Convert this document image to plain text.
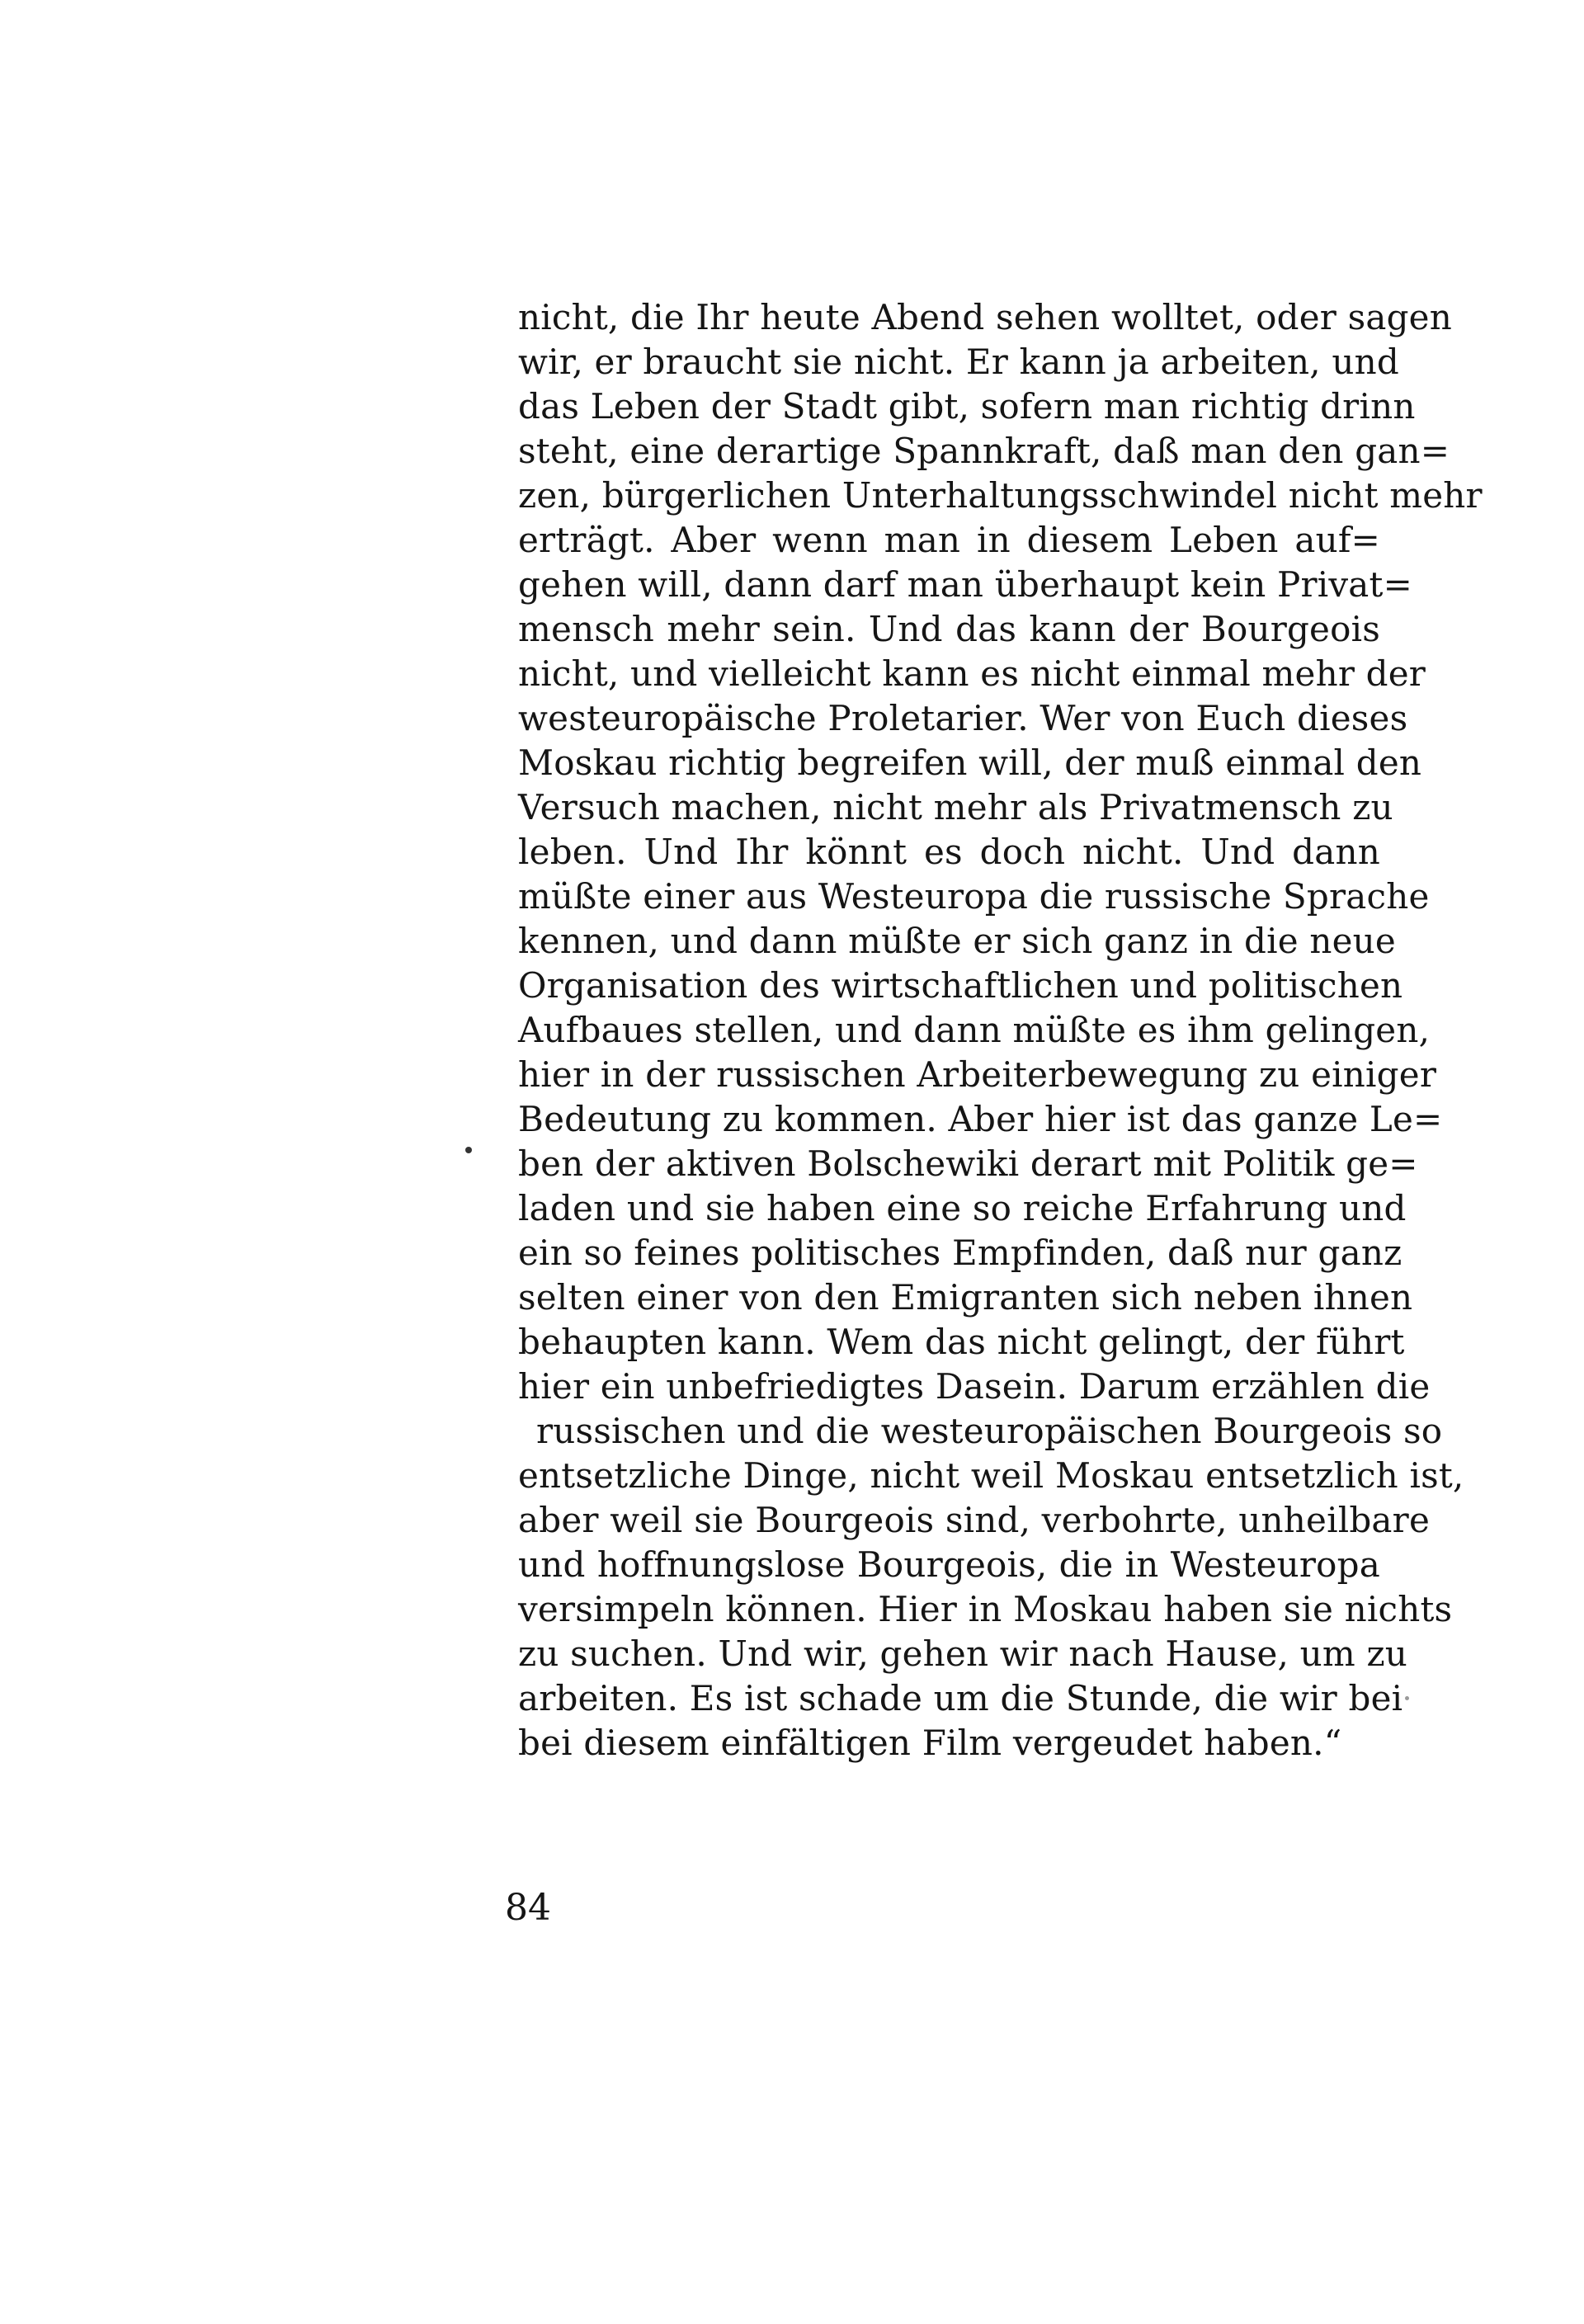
nicht, die Ihr heute Abend sehen wolltet, oder sagen
wir, er braucht sie nicht. Er kann ja arbeiten, und
das Leben der Stadt gibt, sofern man richtig drinn
steht, eine derartige Spannkraft, daß man den gan=
zen, bürgerlichen Unterhaltungsschwindel nicht mehr
erträgt. Aber wenn man in diesem Leben auf=
gehen will, dann darf man überhaupt kein Privat=
mensch mehr sein. Und das kann der Bourgeois
nicht, und vielleicht kann es nicht einmal mehr der
westeuropäische Proletarier. Wer von Euch dieses
Moskau richtig begreifen will, der muß einmal den
Versuch machen, nicht mehr als Privatmensch zu
leben. Und Ihr könnt es doch nicht. Und dann
müßte einer aus Westeuropa die russische Sprache
kennen, und dann müßte er sich ganz in die neue
Organisation des wirtschaftlichen und politischen
Aufbaues stellen, und dann müßte es ihm gelingen,
hier in der russischen Arbeiterbewegung zu einiger
Bedeutung zu kommen. Aber hier ist das ganze Le=
ben der aktiven Bolschewiki derart mit Politik ge=
laden und sie haben eine so reiche Erfahrung und
ein so feines politisches Empfinden, daß nur ganz
selten einer von den Emigranten sich neben ihnen
behaupten kann. Wem das nicht gelingt, der führt
hier ein unbefriedigtes Dasein. Darum erzählen die
russischen und die westeuropäischen Bourgeois so
entsetzliche Dinge, nicht weil Moskau entsetzlich ist,
aber weil sie Bourgeois sind, verbohrte, unheilbare
und hoffnungslose Bourgeois, die in Westeuropa
versimpeln können. Hier in Moskau haben sie nichts
zu suchen. Und wir, gehen wir nach Hause, um zu
arbeiten. Es ist schade um die Stunde, die wir bei
bei diesem einfältigen Film vergeudet haben.“
84
